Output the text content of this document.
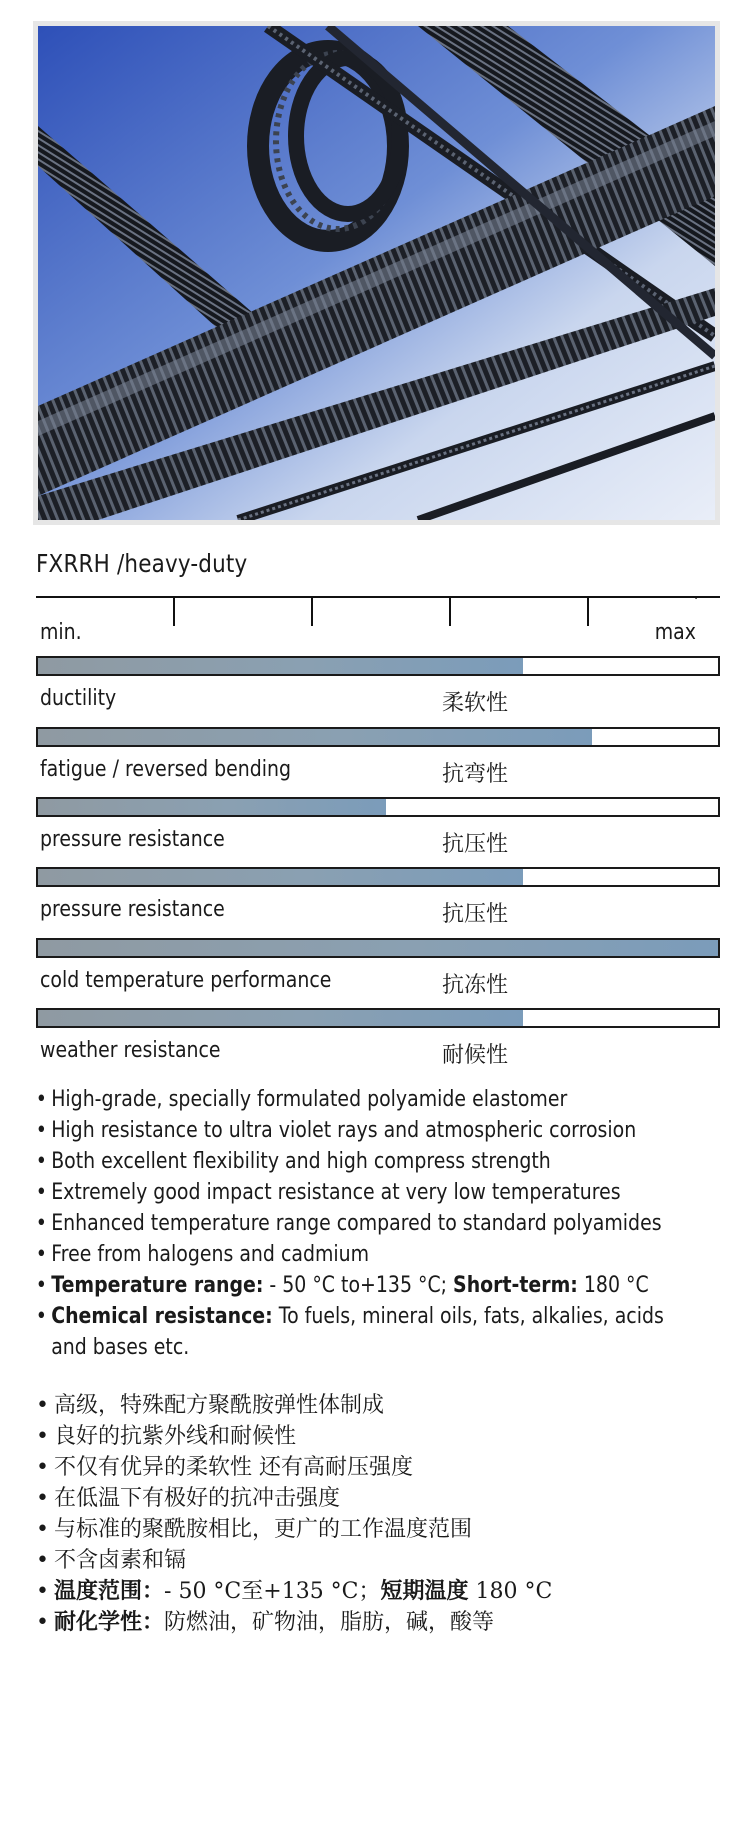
FXRRH /heavy-duty
.
min.	max
ductility	柔软性
fatigue / reversed bending	抗弯性
pressure resistance	抗压性
pressure resistance	抗压性
cold temperature performance	抗冻性
weather resistance	耐候性
• High-grade, specially formulated polyamide elastomer
• High resistance to ultra violet rays and atmospheric corrosion
• Both excellent flexibility and high compress strength
• Extremely good impact resistance at very low temperatures
• Enhanced temperature range compared to standard polyamides
• Free from halogens and cadmium
• Temperature range: - 50 °C to+135 °C; Short-term: 180 °C
• Chemical resistance: To fuels, mineral oils, fats, alkalies, acids
and bases etc.
• 高级，特殊配方聚酰胺弹性体制成
• 良好的抗紫外线和耐候性
• 不仅有优异的柔软性 还有高耐压强度
• 在低温下有极好的抗冲击强度
• 与标准的聚酰胺相比，更广的工作温度范围
• 不含卤素和镉
• 温度范围：- 50 °C至+135 °C；短期温度 180 °C
• 耐化学性：防燃油，矿物油，脂肪，碱，酸等
